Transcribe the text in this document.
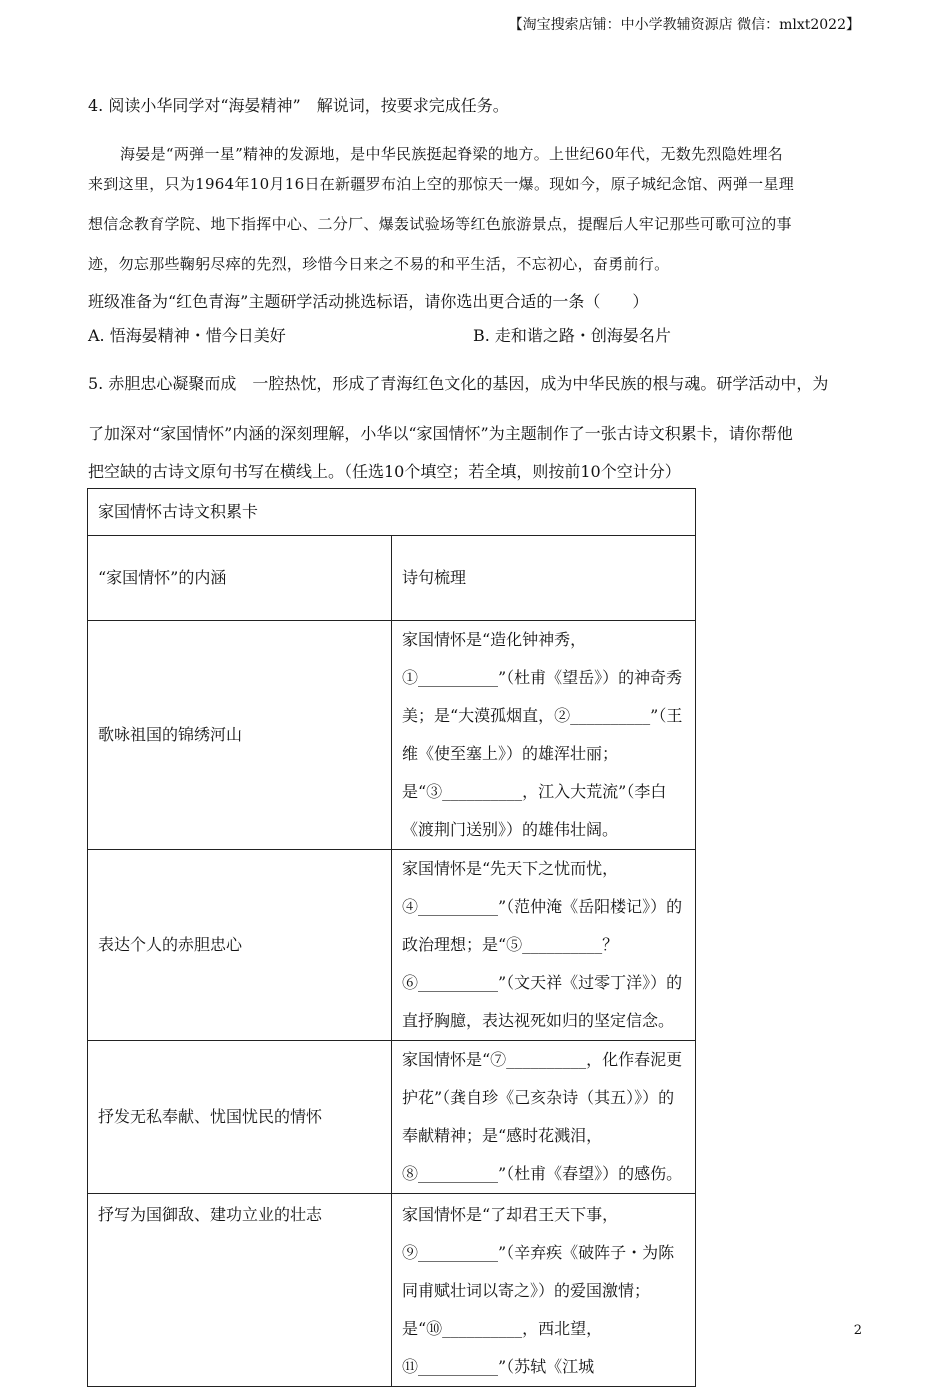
【淘宝搜索店铺：中小学教辅资源店 微信：mlxt2022】
4. 阅读小华同学对“海晏精神”　解说词，按要求完成任务。
海晏是“两弹一星”精神的发源地，是中华民族挺起脊梁的地方。上世纪60年代，无数先烈隐姓埋名
来到这里，只为1964年10月16日在新疆罗布泊上空的那惊天一爆。现如今，原子城纪念馆、两弹一星理
想信念教育学院、地下指挥中心、二分厂、爆轰试验场等红色旅游景点，提醒后人牢记那些可歌可泣的事
迹，勿忘那些鞠躬尽瘁的先烈，珍惜今日来之不易的和平生活，不忘初心，奋勇前行。
班级准备为“红色青海”主题研学活动挑选标语，请你选出更合适的一条（　　）
A. 悟海晏精神・惜今日美好	B. 走和谐之路・创海晏名片
5. 赤胆忠心凝聚而成　一腔热忱，形成了青海红色文化的基因，成为中华民族的根与魂。研学活动中，为
了加深对“家国情怀”内涵的深刻理解，小华以“家国情怀”为主题制作了一张古诗文积累卡，请你帮他
把空缺的古诗文原句书写在横线上。（任选10个填空；若全填，则按前10个空计分）
家国情怀古诗文积累卡	
“家国情怀”的内涵	诗句梳理
歌咏祖国的锦绣河山	家国情怀是“造化钟神秀，①__________”（杜甫《望岳》）的神奇秀美；是“大漠孤烟直，②__________”（王维《使至塞上》）的雄浑壮丽；是“③__________，江入大荒流”（李白《渡荆门送别》）的雄伟壮阔。
表达个人的赤胆忠心	家国情怀是“先天下之忧而忧，④__________”（范仲淹《岳阳楼记》）的政治理想；是“⑤__________？⑥__________”（文天祥《过零丁洋》）的直抒胸臆，表达视死如归的坚定信念。
抒发无私奉献、忧国忧民的情怀	家国情怀是“⑦__________，化作春泥更护花”（龚自珍《己亥杂诗（其五）》）的奉献精神；是“感时花溅泪，⑧__________”（杜甫《春望》）的感伤。
抒写为国御敌、建功立业的壮志	家国情怀是“了却君王天下事，⑨__________”（辛弃疾《破阵子・为陈同甫赋壮词以寄之》）的爱国激情；是“⑩__________，西北望，⑪__________”（苏轼《江城
2
